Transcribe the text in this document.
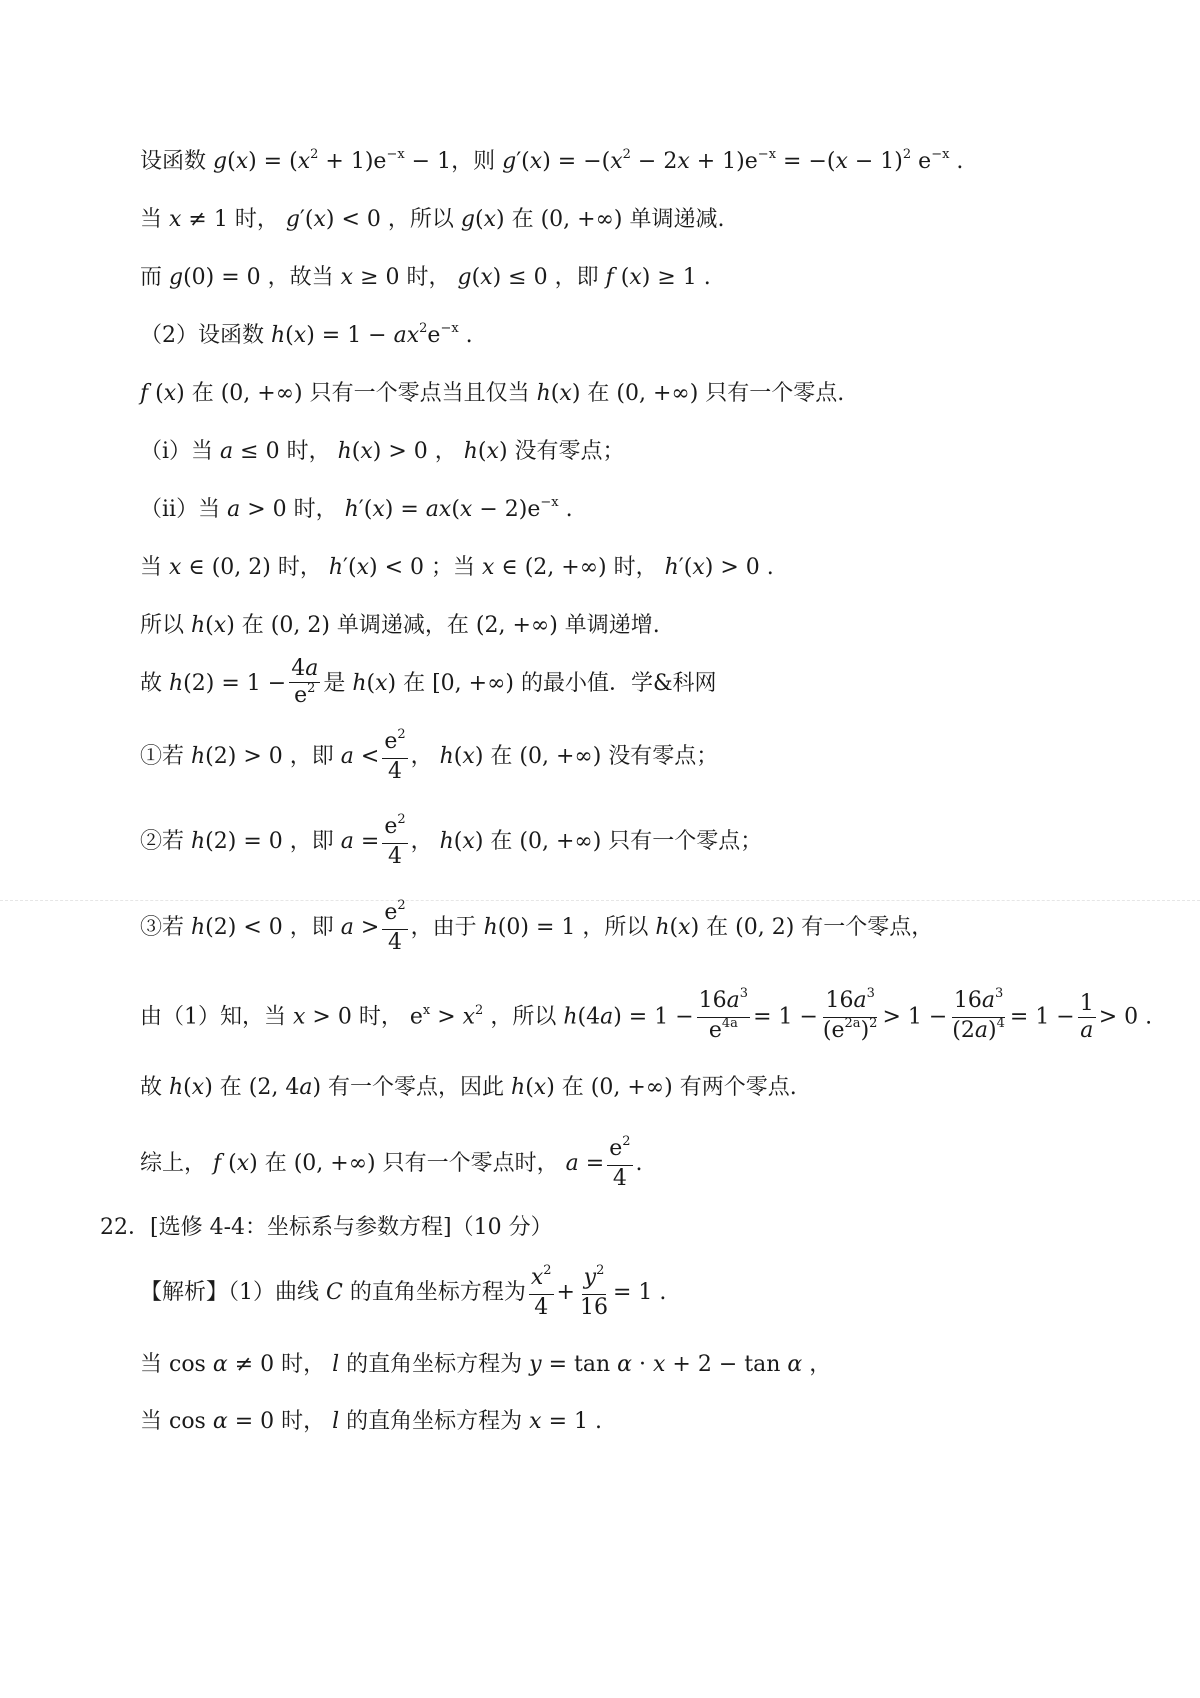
设函数 $g(x) = (x^2 + 1)e^{-x} - 1$，则 $g'(x) = -(x^2 - 2x + 1)e^{-x} = -(x - 1)^2$ $e^{-x}$ .
当 x ≠ 1 时， g′(x) < 0 ，所以 g(x) 在 (0, +∞) 单调递减.
而 g(0) = 0 ，故当 x ≥ 0 时， g(x) ≤ 0 ，即 f (x) ≥ 1 .
（2）设函数 $h(x) = 1 - ax^2e^{-x}$ .
f (x) 在 (0, +∞) 只有一个零点当且仅当 h(x) 在 (0, +∞) 只有一个零点.
（i）当 a ≤ 0 时， h(x) > 0 ， h(x) 没有零点；
（ii）当 a > 0 时， $h'(x) = ax(x - 2)e^{-x}$ .
当 x ∈ (0, 2) 时， h′(x) < 0 ；当 x ∈ (2, +∞) 时， h′(x) > 0 .
所以 h(x) 在 (0, 2) 单调递减，在 (2, +∞) 单调递增.
故 $h(2) = 1 - \frac{4a}{e^2}$ 是 h(x) 在 [0, +∞) 的最小值．学&科网
①若 h(2) > 0 ，即 $a < \frac{e^2}{4}$ ， h(x) 在 (0, +∞) 没有零点；
②若 h(2) = 0 ，即 $a = \frac{e^2}{4}$ ， h(x) 在 (0, +∞) 只有一个零点；
③若 h(2) < 0 ，即 $a > \frac{e^2}{4}$ ，由于 h(0) = 1 ，所以 h(x) 在 (0, 2) 有一个零点，
由（1）知，当 x > 0 时， $e^x > x^2$ ，所以 $h(4a) = 1 - \frac{16a^3}{e^{4a}} = 1 - \frac{16a^3}{(e^{2a})^2} > 1 - \frac{16a^3}{(2a)^4} = 1 - \frac{1}{a} > 0$ .
故 h(x) 在 (2, 4a) 有一个零点，因此 h(x) 在 (0, +∞) 有两个零点.
综上， f (x) 在 (0, +∞) 只有一个零点时， $a = \frac{e^2}{4}$ .
22．[选修 4-4：坐标系与参数方程]（10 分）
【解析】（1）曲线 C 的直角坐标方程为 $\frac{x^2}{4} + \frac{y^2}{16} = 1$ .
当 cos α ≠ 0 时， l 的直角坐标方程为 y = tan α · x + 2 − tan α ，
当 cos α = 0 时， l 的直角坐标方程为 x = 1 .
